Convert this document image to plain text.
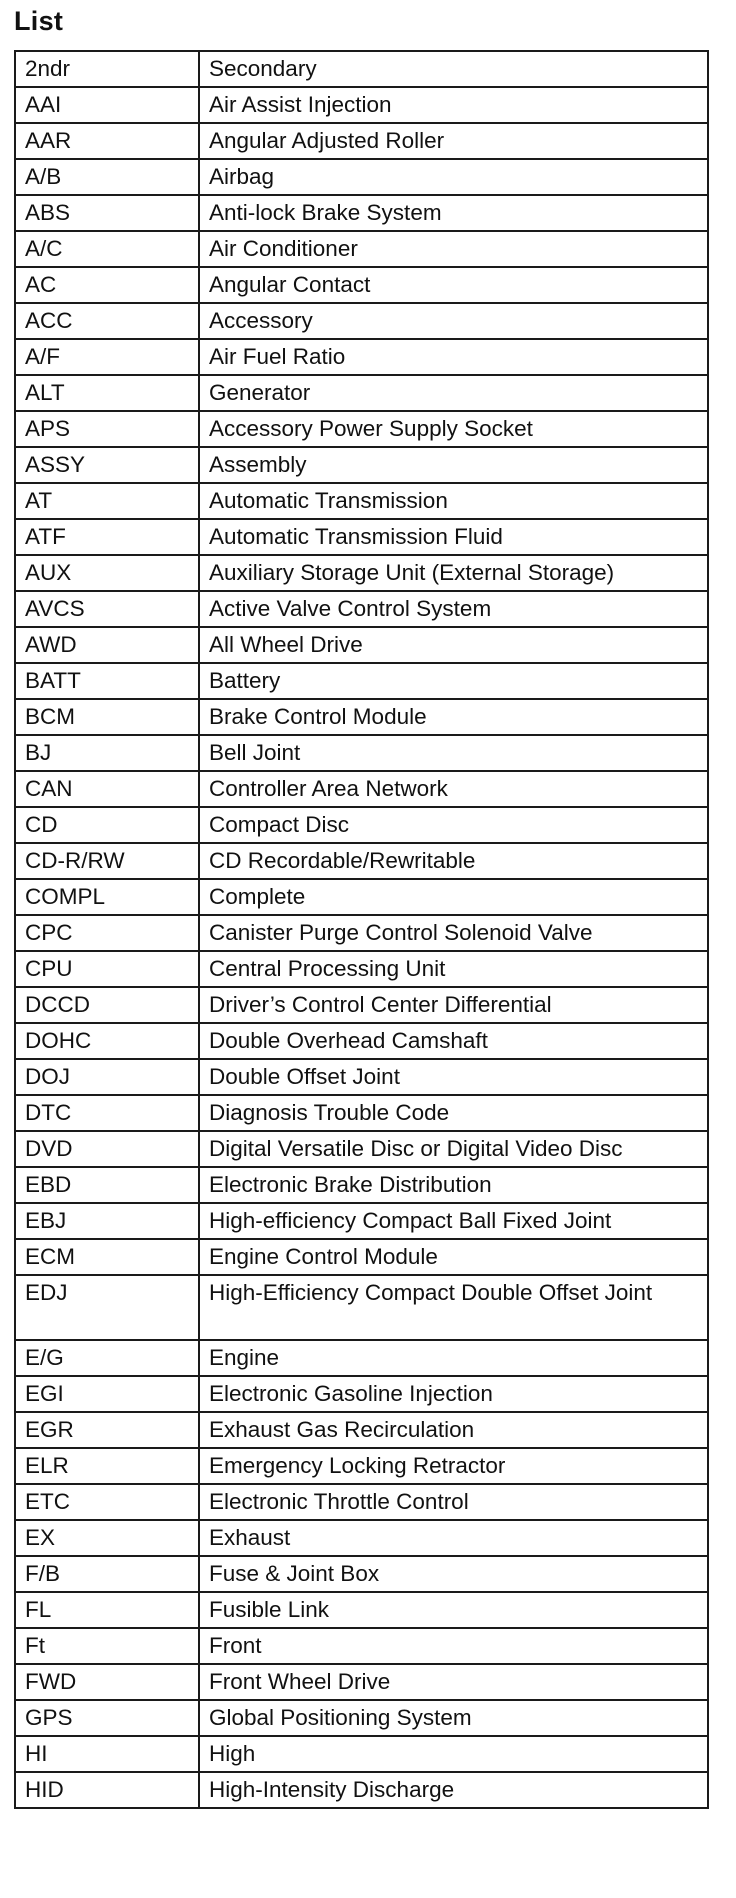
List
2ndr	Secondary
AAI	Air Assist Injection
AAR	Angular Adjusted Roller
A/B	Airbag
ABS	Anti-lock Brake System
A/C	Air Conditioner
AC	Angular Contact
ACC	Accessory
A/F	Air Fuel Ratio
ALT	Generator
APS	Accessory Power Supply Socket
ASSY	Assembly
AT	Automatic Transmission
ATF	Automatic Transmission Fluid
AUX	Auxiliary Storage Unit (External Storage)
AVCS	Active Valve Control System
AWD	All Wheel Drive
BATT	Battery
BCM	Brake Control Module
BJ	Bell Joint
CAN	Controller Area Network
CD	Compact Disc
CD-R/RW	CD Recordable/Rewritable
COMPL	Complete
CPC	Canister Purge Control Solenoid Valve
CPU	Central Processing Unit
DCCD	Driver’s Control Center Differential
DOHC	Double Overhead Camshaft
DOJ	Double Offset Joint
DTC	Diagnosis Trouble Code
DVD	Digital Versatile Disc or Digital Video Disc
EBD	Electronic Brake Distribution
EBJ	High-efficiency Compact Ball Fixed Joint
ECM	Engine Control Module
EDJ	High-Efficiency Compact Double Offset Joint
E/G	Engine
EGI	Electronic Gasoline Injection
EGR	Exhaust Gas Recirculation
ELR	Emergency Locking Retractor
ETC	Electronic Throttle Control
EX	Exhaust
F/B	Fuse & Joint Box
FL	Fusible Link
Ft	Front
FWD	Front Wheel Drive
GPS	Global Positioning System
HI	High
HID	High-Intensity Discharge
